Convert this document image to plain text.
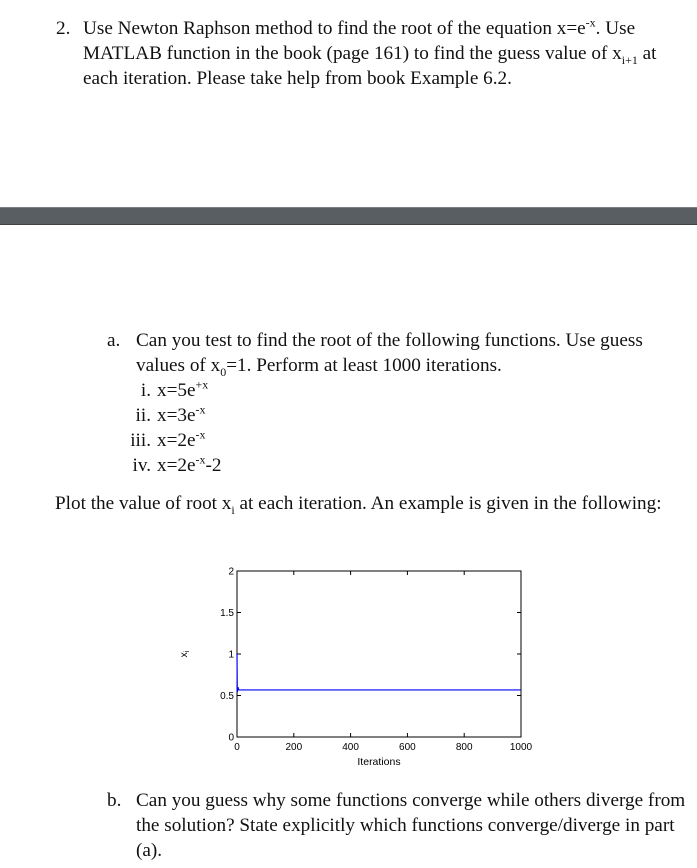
2. Use Newton Raphson method to find the root of the equation $x=e^{-x}$. Use MATLAB function in the book (page 161) to find the guess value of $x_{i+1}$ at each iteration. Please take help from book Example 6.2.
a. Can you test to find the root of the following functions. Use guess values of $x_0=1$. Perform at least 1000 iterations.
i. $x=5e^{+x}$
ii. $x=3e^{-x}$
iii. $x=2e^{-x}$
iv. $x=2e^{-x}-2$
Plot the value of root $x_i$ at each iteration. An example is given in the following:
0	200	400	600	800	1000
0
0.5
1
1.5
2
Iterations
xi
b. Can you guess why some functions converge while others diverge from the solution? State explicitly which functions converge/diverge in part (a).
